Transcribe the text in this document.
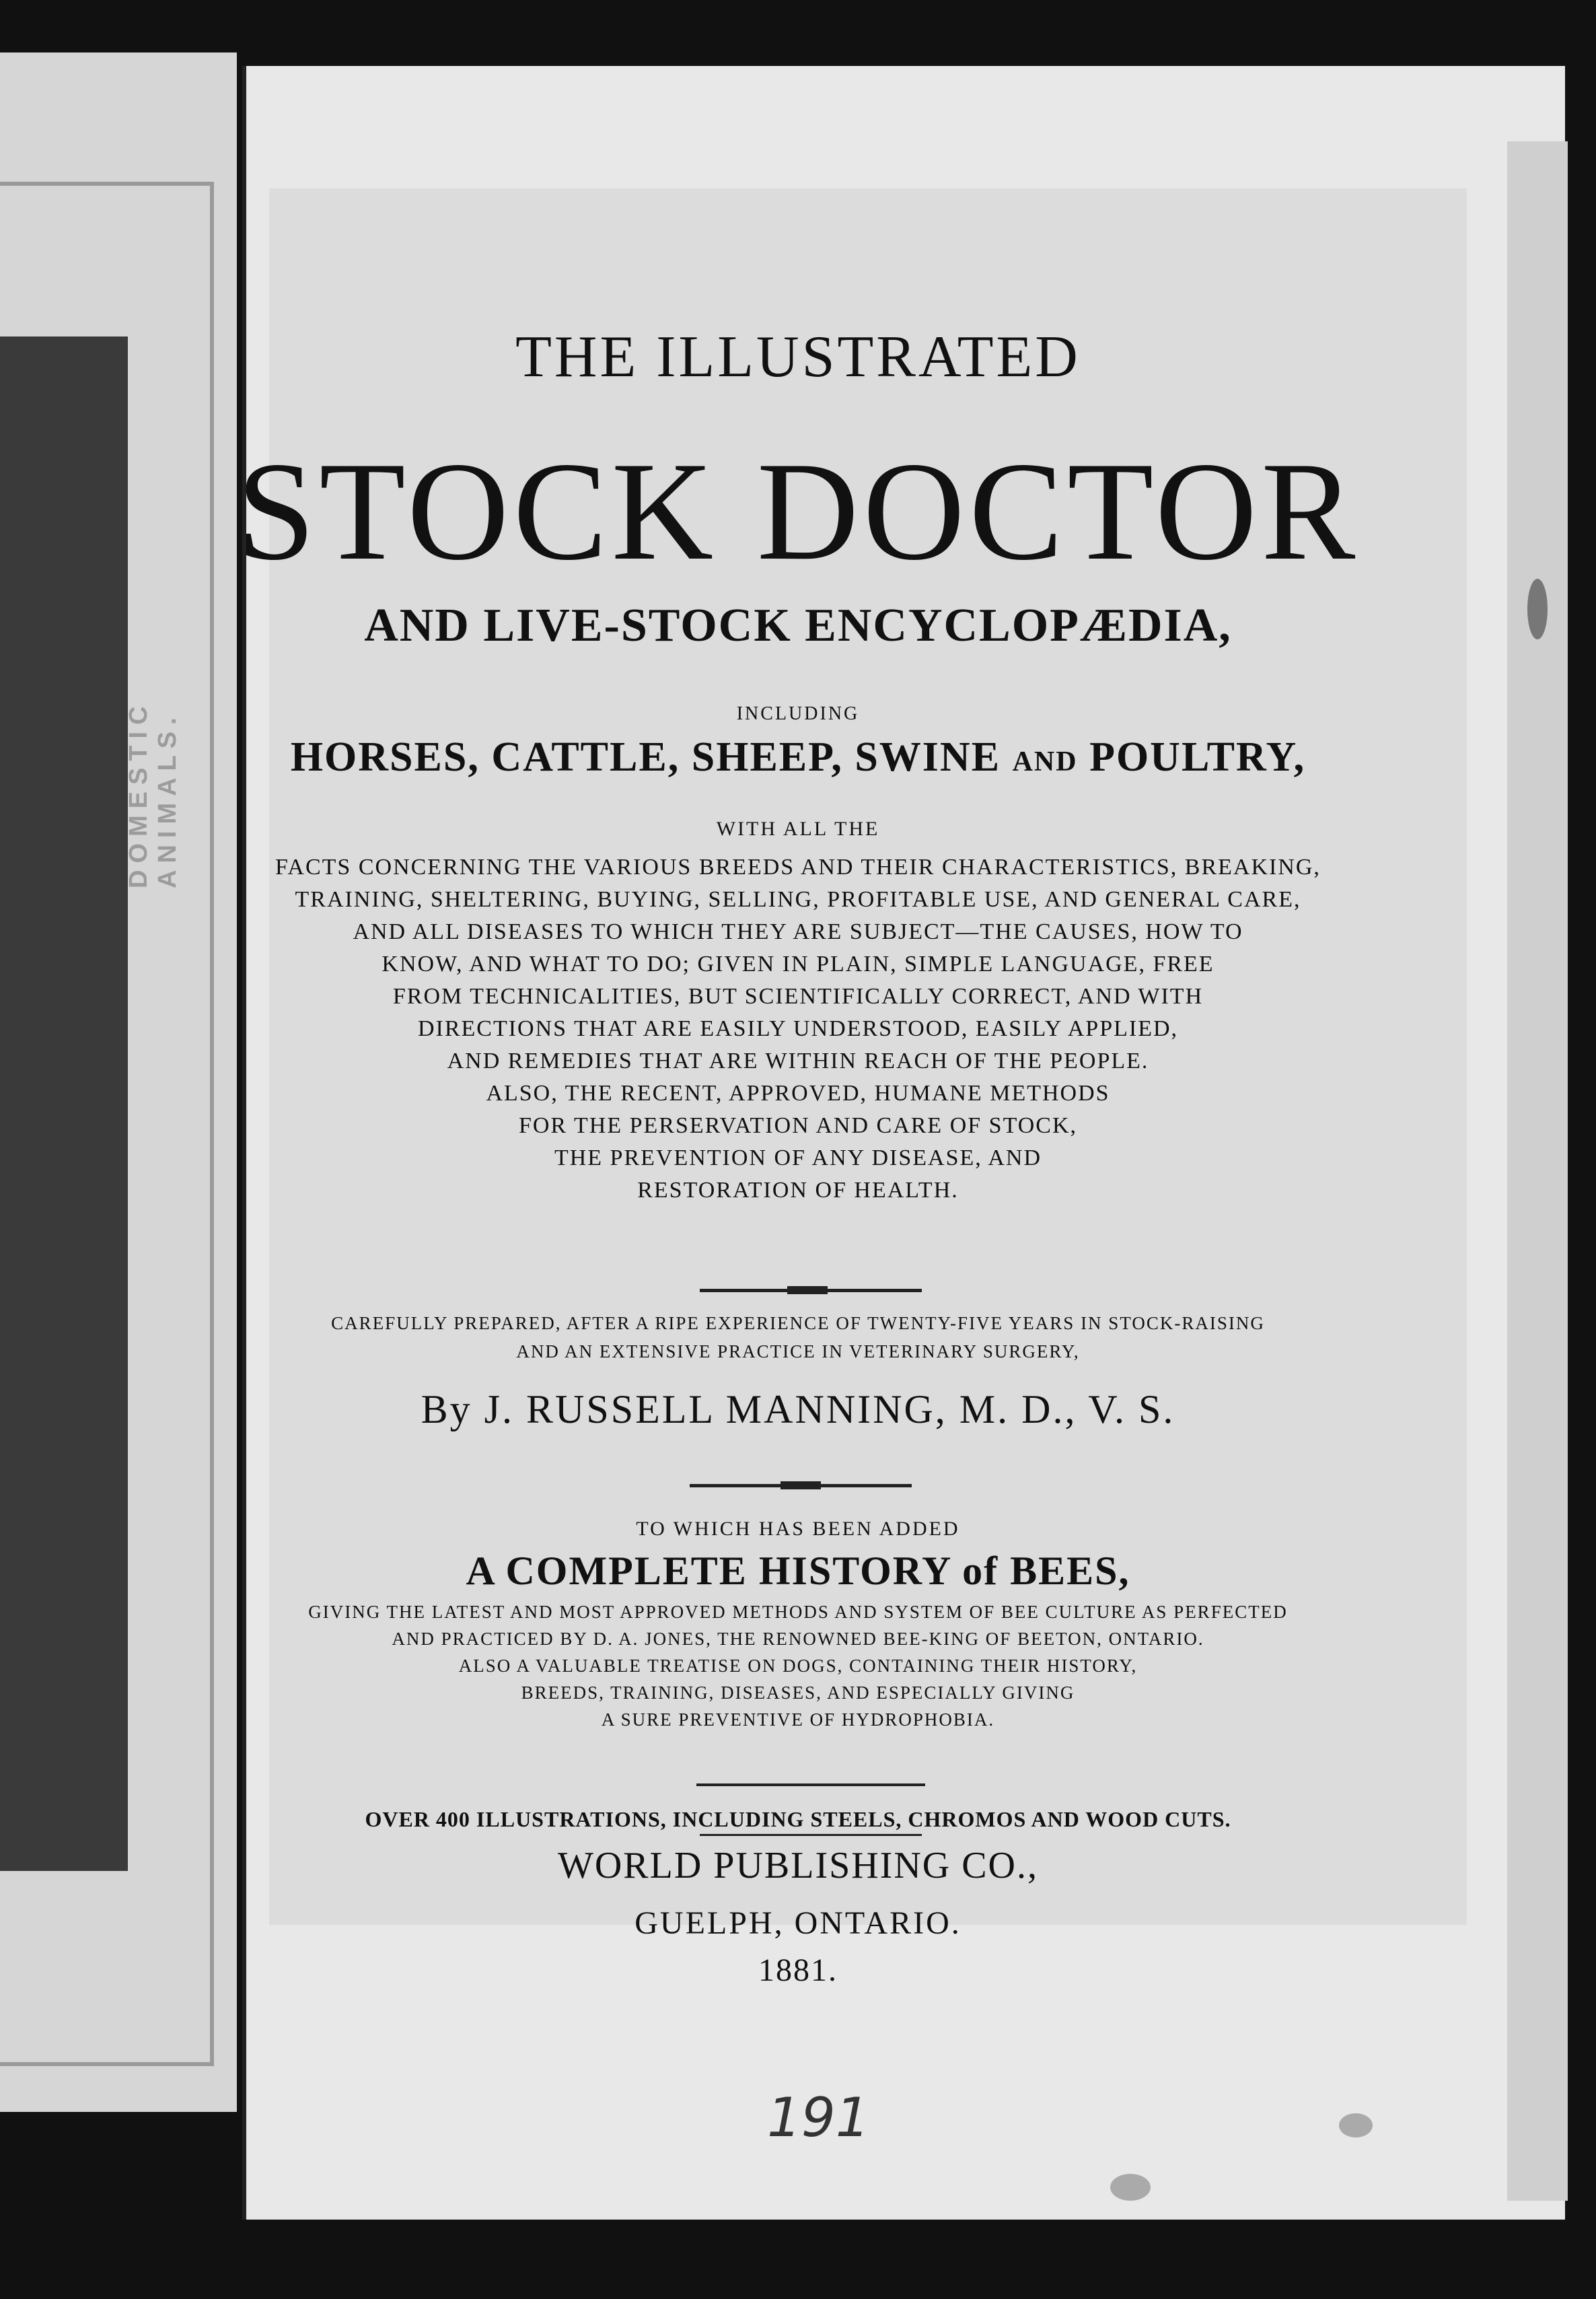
DOMESTIC ANIMALS.
THE ILLUSTRATED
STOCK DOCTOR
AND LIVE-STOCK ENCYCLOPÆDIA,
INCLUDING
HORSES, CATTLE, SHEEP, SWINE AND POULTRY,
WITH ALL THE
FACTS CONCERNING THE VARIOUS BREEDS AND THEIR CHARACTERISTICS, BREAKING,
TRAINING, SHELTERING, BUYING, SELLING, PROFITABLE USE, AND GENERAL CARE,
AND ALL DISEASES TO WHICH THEY ARE SUBJECT—THE CAUSES, HOW TO
KNOW, AND WHAT TO DO; GIVEN IN PLAIN, SIMPLE LANGUAGE, FREE
FROM TECHNICALITIES, BUT SCIENTIFICALLY CORRECT, AND WITH
DIRECTIONS THAT ARE EASILY UNDERSTOOD, EASILY APPLIED,
AND REMEDIES THAT ARE WITHIN REACH OF THE PEOPLE.
ALSO, THE RECENT, APPROVED, HUMANE METHODS
FOR THE PERSERVATION AND CARE OF STOCK,
THE PREVENTION OF ANY DISEASE, AND
RESTORATION OF HEALTH.
CAREFULLY PREPARED, AFTER A RIPE EXPERIENCE OF TWENTY-FIVE YEARS IN STOCK-RAISING
AND AN EXTENSIVE PRACTICE IN VETERINARY SURGERY,
By J. RUSSELL MANNING, M. D., V. S.
TO WHICH HAS BEEN ADDED
A COMPLETE HISTORY of BEES,
GIVING THE LATEST AND MOST APPROVED METHODS AND SYSTEM OF BEE CULTURE AS PERFECTED
AND PRACTICED BY D. A. JONES, THE RENOWNED BEE-KING OF BEETON, ONTARIO.
ALSO A VALUABLE TREATISE ON DOGS, CONTAINING THEIR HISTORY,
BREEDS, TRAINING, DISEASES, AND ESPECIALLY GIVING
A SURE PREVENTIVE OF HYDROPHOBIA.
OVER 400 ILLUSTRATIONS, INCLUDING STEELS, CHROMOS AND WOOD CUTS.
WORLD PUBLISHING CO.,
GUELPH, ONTARIO.
1881.
191
